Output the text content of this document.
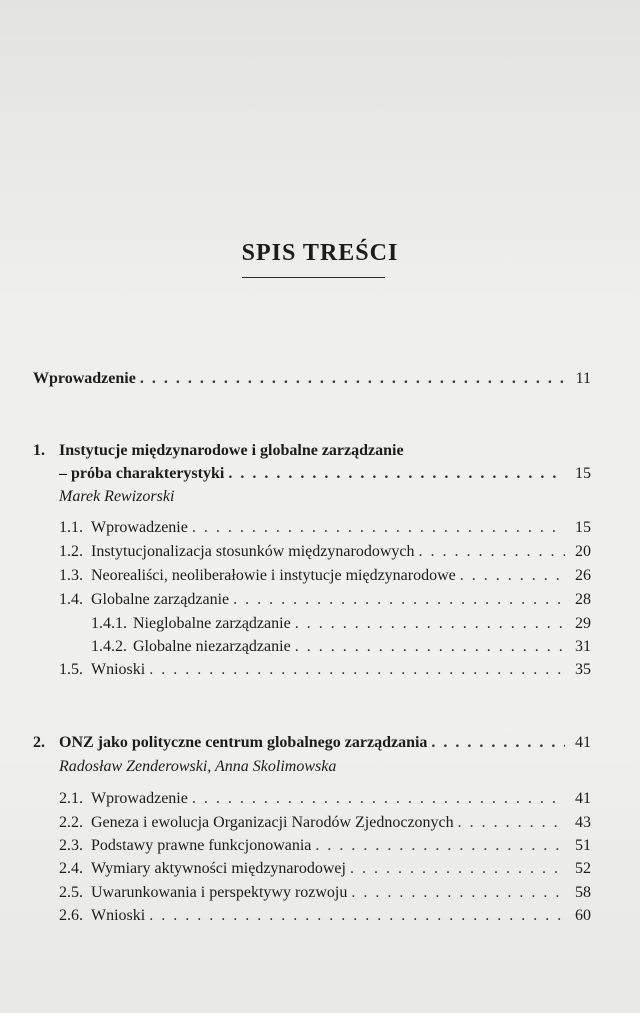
SPIS TREŚCI
Wprowadzenie . . .	11
1. Instytucje międzynarodowe i globalne zarządzanie
– próba charakterystyki . . .	15
Marek Rewizorski
1.1. Wprowadzenie . . .	15
1.2. Instytucjonalizacja stosunków międzynarodowych . . .	20
1.3. Neorealiści, neoliberałowie i instytucje międzynarodowe . . .	26
1.4. Globalne zarządzanie . . .	28
1.4.1. Nieglobalne zarządzanie . . .	29
1.4.2. Globalne niezarządzanie . . .	31
1.5. Wnioski . . .	35
2. ONZ jako polityczne centrum globalnego zarządzania . . .	41
Radosław Zenderowski, Anna Skolimowska
2.1. Wprowadzenie . . .	41
2.2. Geneza i ewolucja Organizacji Narodów Zjednoczonych . . .	43
2.3. Podstawy prawne funkcjonowania . . .	51
2.4. Wymiary aktywności międzynarodowej . . .	52
2.5. Uwarunkowania i perspektywy rozwoju . . .	58
2.6. Wnioski . . .	60
